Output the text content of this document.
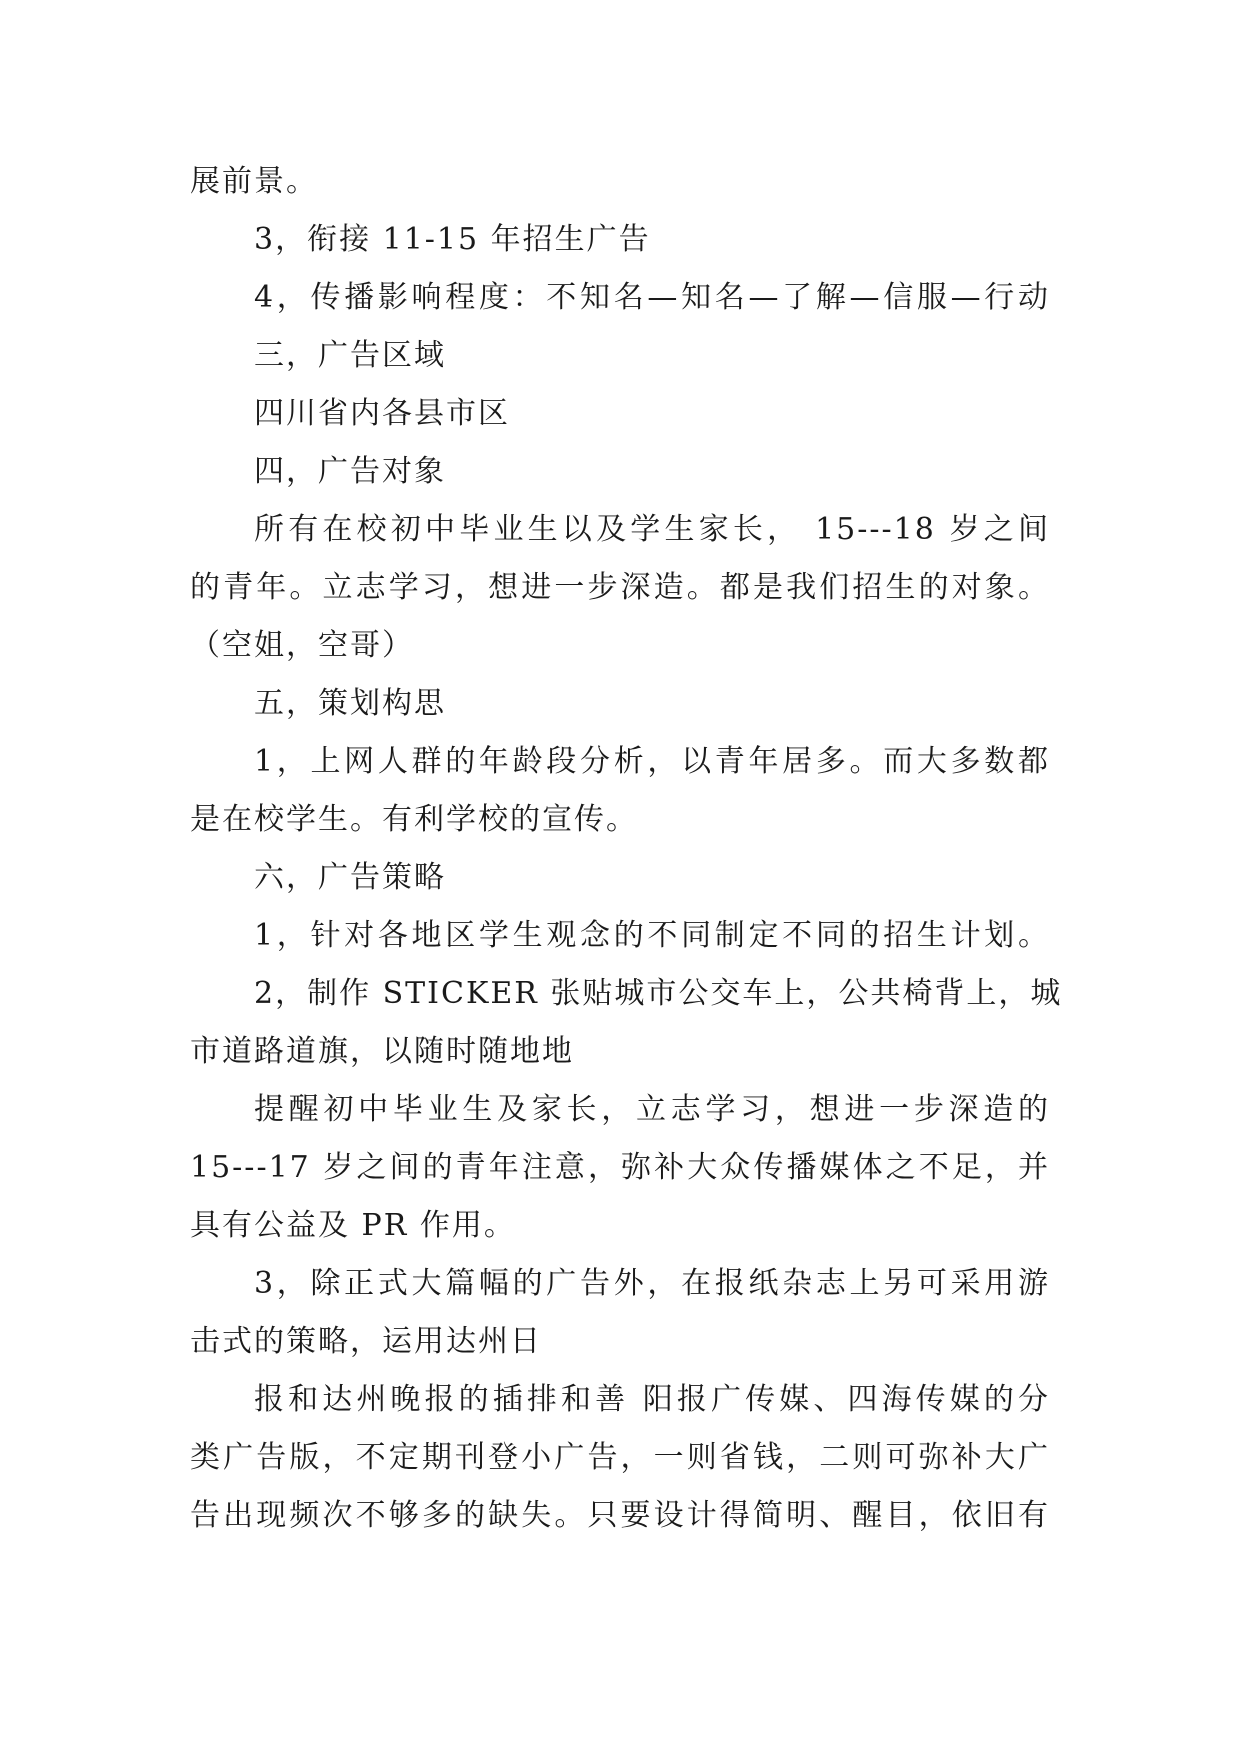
展前景。
3，衔接 11-15 年招生广告
4，传播影响程度：不知名—知名—了解—信服—行动
三，广告区域
四川省内各县市区
四，广告对象
所有在校初中毕业生以及学生家长， 15---18 岁之间
的青年。立志学习，想进一步深造。都是我们招生的对象。
（空姐，空哥）
五，策划构思
1，上网人群的年龄段分析，以青年居多。而大多数都
是在校学生。有利学校的宣传。
六，广告策略
1，针对各地区学生观念的不同制定不同的招生计划。
2，制作 STICKER 张贴城市公交车上，公共椅背上，城
市道路道旗，以随时随地地
提醒初中毕业生及家长，立志学习，想进一步深造的
15---17 岁之间的青年注意，弥补大众传播媒体之不足，并
具有公益及 PR 作用。
3，除正式大篇幅的广告外，在报纸杂志上另可采用游
击式的策略，运用达州日
报和达州晚报的插排和善 阳报广传媒、四海传媒的分
类广告版，不定期刊登小广告，一则省钱，二则可弥补大广
告出现频次不够多的缺失。只要设计得简明、醒目，依旧有
